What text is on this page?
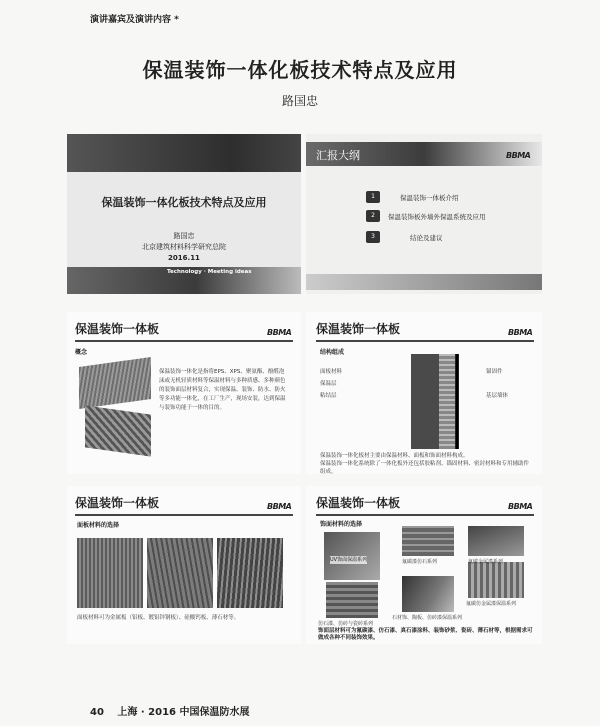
演讲嘉宾及演讲内容 *
保温装饰一体化板技术特点及应用
路国忠
保温装饰一体化板技术特点及应用
路国忠
北京建筑材料科学研究总院
2016.11
Technology · Meeting ideas
汇报大纲	BBMA
1	保温装饰一体板介绍
2	保温装饰板外墙外保温系统及应用
3	结论及建议
保温装饰一体板	BBMA
概念
保温装饰一体化是指将EPS、XPS、聚氨酯、酚醛泡沫或无机轻质材料等保温材料与多种质感、多种颜色的装饰面层材料复合，实现保温、装饰、防水、防火等多功能一体化，在工厂生产，现场安装，达到保温与装饰功能于一体的目的。
保温装饰一体板	BBMA
结构组成
面板材料
保温层
粘结层
锚固件
基层墙体
保温装饰一体化板材主要由保温材料、面板和饰面材料构成。
保温装饰一体化系统除了一体化板外还包括胶粘剂、锚固材料、密封材料和专用辅助件组成。
保温装饰一体板	BBMA
面板材料的选择
面板材料可为金属板（铝板、镀铝锌钢板）、硅酸钙板、薄石材等。
保温装饰一体板	BBMA
饰面材料的选择
UV饰面保温系列	氟碳漆仿石系列	氟碳金属漆系列
仿石漆、仿砖与瓷砖系列
石材饰、陶板、仿砖漆保温系列
氟碳仿金属漆保温系列
饰面层材料可为氟碳漆、仿石漆、真石漆涂料、装饰砂浆、瓷砖、薄石材等，根据需求可做成各种不同装饰效果。
40 上海 · 2016 中国保温防水展
